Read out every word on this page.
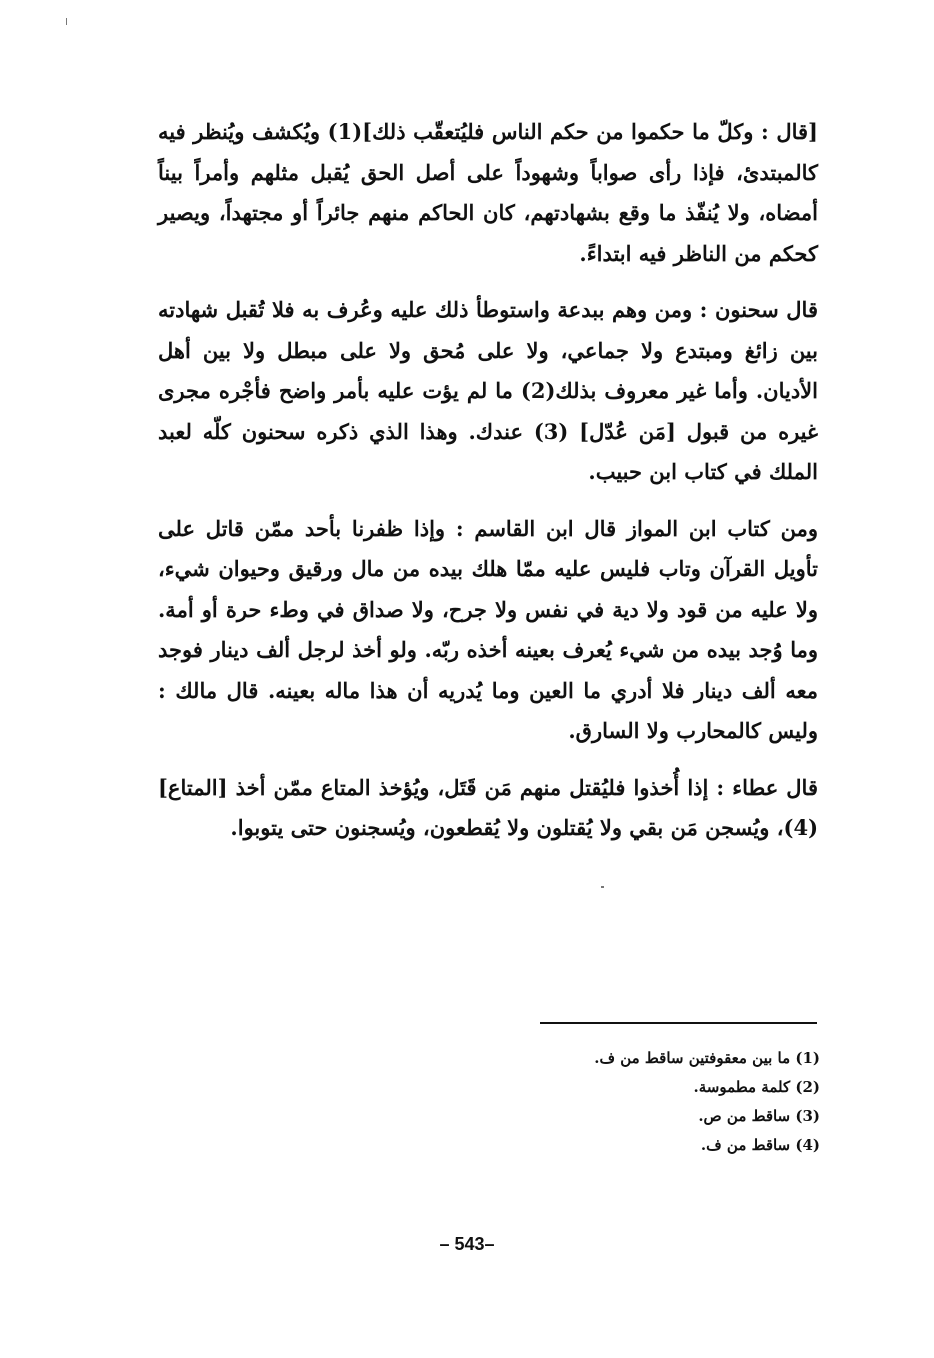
[قال : وكلّ ما حكموا من حكم الناس فليُتعقّب ذلك](1) ويُكشف ويُنظر فيه كالمبتدئ، فإذا رأى صواباً وشهوداً على أصل الحق يُقبل مثلهم وأمراً بيناً أمضاه، ولا يُنفّذ ما وقع بشهادتهم، كان الحاكم منهم جائراً أو مجتهداً، ويصير كحكم من الناظر فيه ابتداءً.

قال سحنون : ومن وهم ببدعة واستوطأ ذلك عليه وعُرف به فلا تُقبل شهادته بين زائغ ومبتدع ولا جماعي، ولا على مُحق ولا على مبطل ولا بين أهل الأديان. وأما غير معروف بذلك(2) ما لم يؤت عليه بأمر واضح فأجْره مجرى غيره من قبول [مَن عُدّل] (3) عندك. وهذا الذي ذكره سحنون كلّه لعبد الملك في كتاب ابن حبيب.

ومن كتاب ابن المواز قال ابن القاسم : وإذا ظفرنا بأحد ممّن قاتل على تأويل القرآن وتاب فليس عليه ممّا هلك بيده من مال ورقيق وحيوان شيء، ولا عليه من قود ولا دية في نفس ولا جرح، ولا صداق في وطء حرة أو أمة. وما وُجد بيده من شيء يُعرف بعينه أخذه ربّه. ولو أخذ لرجل ألف دينار فوجد معه ألف دينار فلا أدري ما العين وما يُدريه أن هذا ماله بعينه. قال مالك : وليس كالمحارب ولا السارق.

قال عطاء : إذا أُخذوا فليُقتل منهم مَن قَتَل، ويُؤخذ المتاع ممّن أخذ [المتاع](4)، ويُسجن مَن بقي ولا يُقتلون ولا يُقطعون، ويُسجنون حتى يتوبوا.

(1) ما بين معقوفتين ساقط من ف.

(2) كلمة مطموسة.

(3) ساقط من ص.

(4) ساقط من ف.

– 543–
